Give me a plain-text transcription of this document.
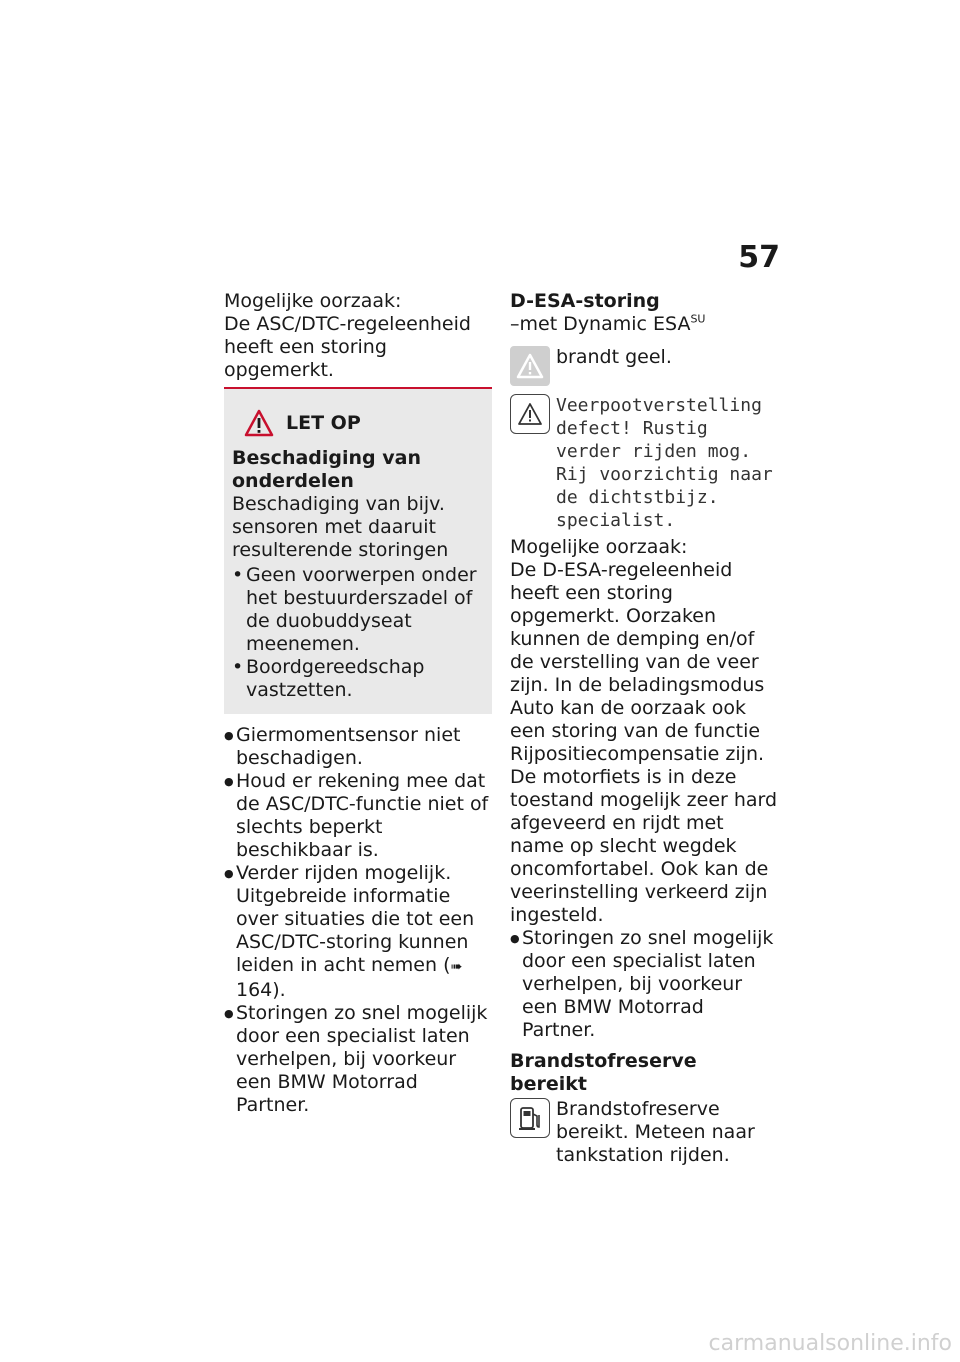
57

Mogelijke oorzaak:

De ASC/DTC-regeleenheid heeft een storing opgemerkt.

LET OP

Beschadiging van onderdelen

Beschadiging van bijv. sensoren met daaruit resulterende storingen

• Geen voorwerpen onder het bestuurderszadel of de duobuddyseat meenemen.
• Boordgereedschap vastzetten.
● Giermomentsensor niet beschadigen.
● Houd er rekening mee dat de ASC/DTC-functie niet of slechts beperkt beschikbaar is.
● Verder rijden mogelijk. Uitgebreide informatie over situaties die tot een ASC/DTC-storing kunnen leiden in acht nemen (➠ 164).
● Storingen zo snel mogelijk door een specialist laten verhelpen, bij voorkeur een BMW Motorrad Partner.

D-ESA-storing

–met Dynamic $ESA^{SU}$

brandt geel.
Veerpootverstelling defect! Rustig verder rijden mog. Rij voorzichtig naar de dichtstbijz. specialist.

Mogelijke oorzaak:

De D-ESA-regeleenheid heeft een storing opgemerkt. Oorzaken kunnen de demping en/of de verstelling van de veer zijn. In de beladingsmodus Auto kan de oorzaak ook een storing van de functie Rijpositiecompensatie zijn. De motorfiets is in deze toestand mogelijk zeer hard afgeveerd en rijdt met name op slecht wegdek oncomfortabel. Ook kan de veerinstelling verkeerd zijn ingesteld.

● Storingen zo snel mogelijk door een specialist laten verhelpen, bij voorkeur een BMW Motorrad Partner.

Brandstofreserve bereikt

Brandstofreserve bereikt. Meteen naar tankstation rijden.
carmanualsonline.info
